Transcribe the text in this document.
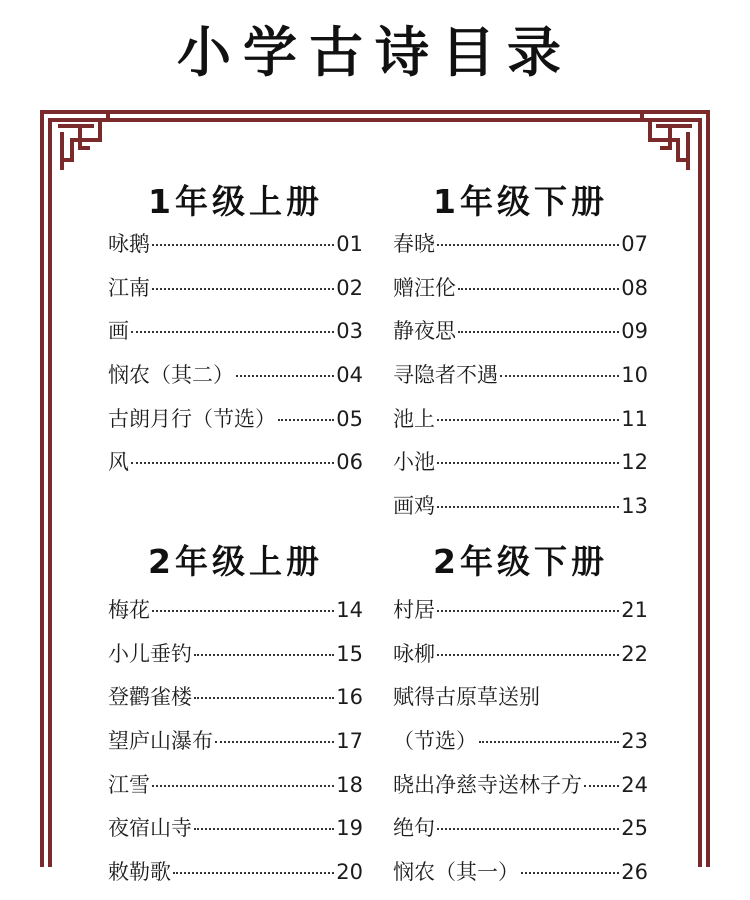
小学古诗目录
1年级上册
咏鹅	01
江南	02
画	03
悯农（其二）	04
古朗月行（节选）	05
风	06
1年级下册
春晓	07
赠汪伦	08
静夜思	09
寻隐者不遇	10
池上	11
小池	12
画鸡	13
2年级上册
梅花	14
小儿垂钓	15
登鹳雀楼	16
望庐山瀑布	17
江雪	18
夜宿山寺	19
敕勒歌	20
2年级下册
村居	21
咏柳	22
赋得古原草送别
（节选）	23
晓出净慈寺送林子方 24
绝句	25
悯农（其一）	26
